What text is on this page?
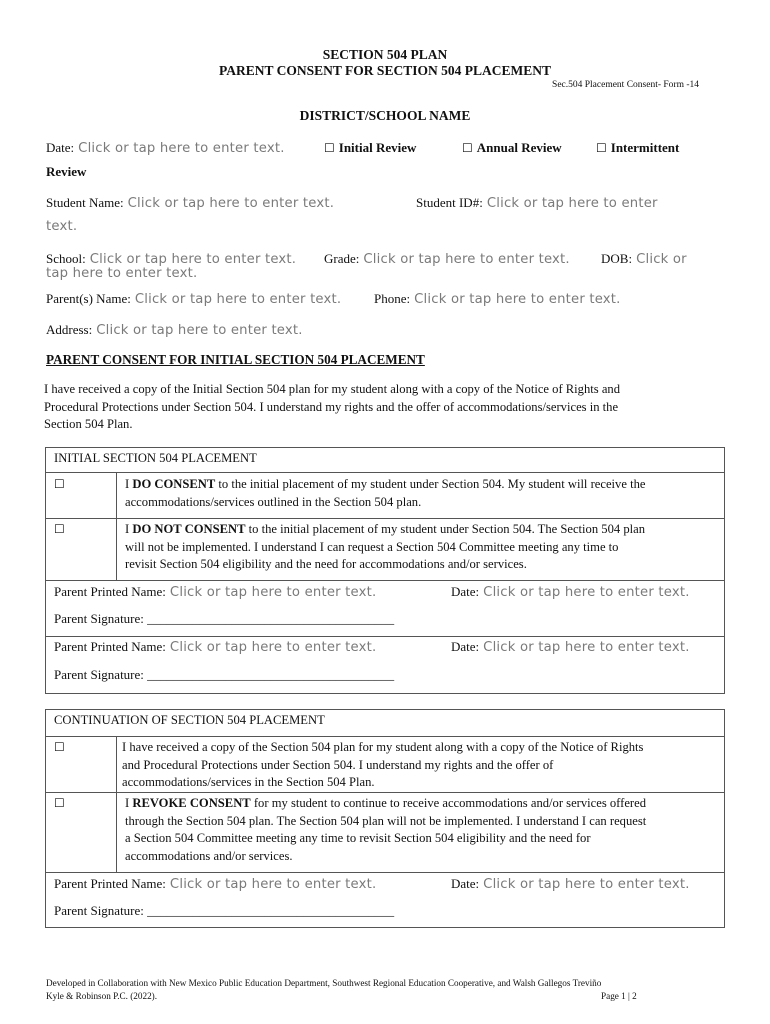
SECTION 504 PLAN
PARENT CONSENT FOR SECTION 504 PLACEMENT
Sec.504 Placement Consent- Form -14
DISTRICT/SCHOOL NAME
Date: Click or tap here to enter text.	☐ Initial Review	☐ Annual Review	☐ Intermittent
Review
Student Name: Click or tap here to enter text.	Student ID#: Click or tap here to enter
text.
School: Click or tap here to enter text. Grade: Click or tap here to enter text. DOB: Click or
tap here to enter text.
Parent(s) Name: Click or tap here to enter text.	Phone: Click or tap here to enter text.
Address: Click or tap here to enter text.
PARENT CONSENT FOR INITIAL SECTION 504 PLACEMENT
I have received a copy of the Initial Section 504 plan for my student along with a copy of the Notice of Rights and
Procedural Protections under Section 504. I understand my rights and the offer of accommodations/services in the
Section 504 Plan.
INITIAL SECTION 504 PLACEMENT
☐	I DO CONSENT to the initial placement of my student under Section 504. My student will receive the
accommodations/services outlined in the Section 504 plan.
☐	I DO NOT CONSENT to the initial placement of my student under Section 504. The Section 504 plan
will not be implemented. I understand I can request a Section 504 Committee meeting any time to
revisit Section 504 eligibility and the need for accommodations and/or services.
Parent Printed Name: Click or tap here to enter text.	Date: Click or tap here to enter text.
Parent Signature: ______________________________________
Parent Printed Name: Click or tap here to enter text.	Date: Click or tap here to enter text.
Parent Signature: ______________________________________
CONTINUATION OF SECTION 504 PLACEMENT
☐	I have received a copy of the Section 504 plan for my student along with a copy of the Notice of Rights
and Procedural Protections under Section 504. I understand my rights and the offer of
accommodations/services in the Section 504 Plan.
☐	I REVOKE CONSENT for my student to continue to receive accommodations and/or services offered
through the Section 504 plan. The Section 504 plan will not be implemented. I understand I can request
a Section 504 Committee meeting any time to revisit Section 504 eligibility and the need for
accommodations and/or services.
Parent Printed Name: Click or tap here to enter text.	Date: Click or tap here to enter text.
Parent Signature: ______________________________________
Developed in Collaboration with New Mexico Public Education Department, Southwest Regional Education Cooperative, and Walsh Gallegos Treviño
Kyle & Robinson P.C. (2022).	Page 1 | 2
